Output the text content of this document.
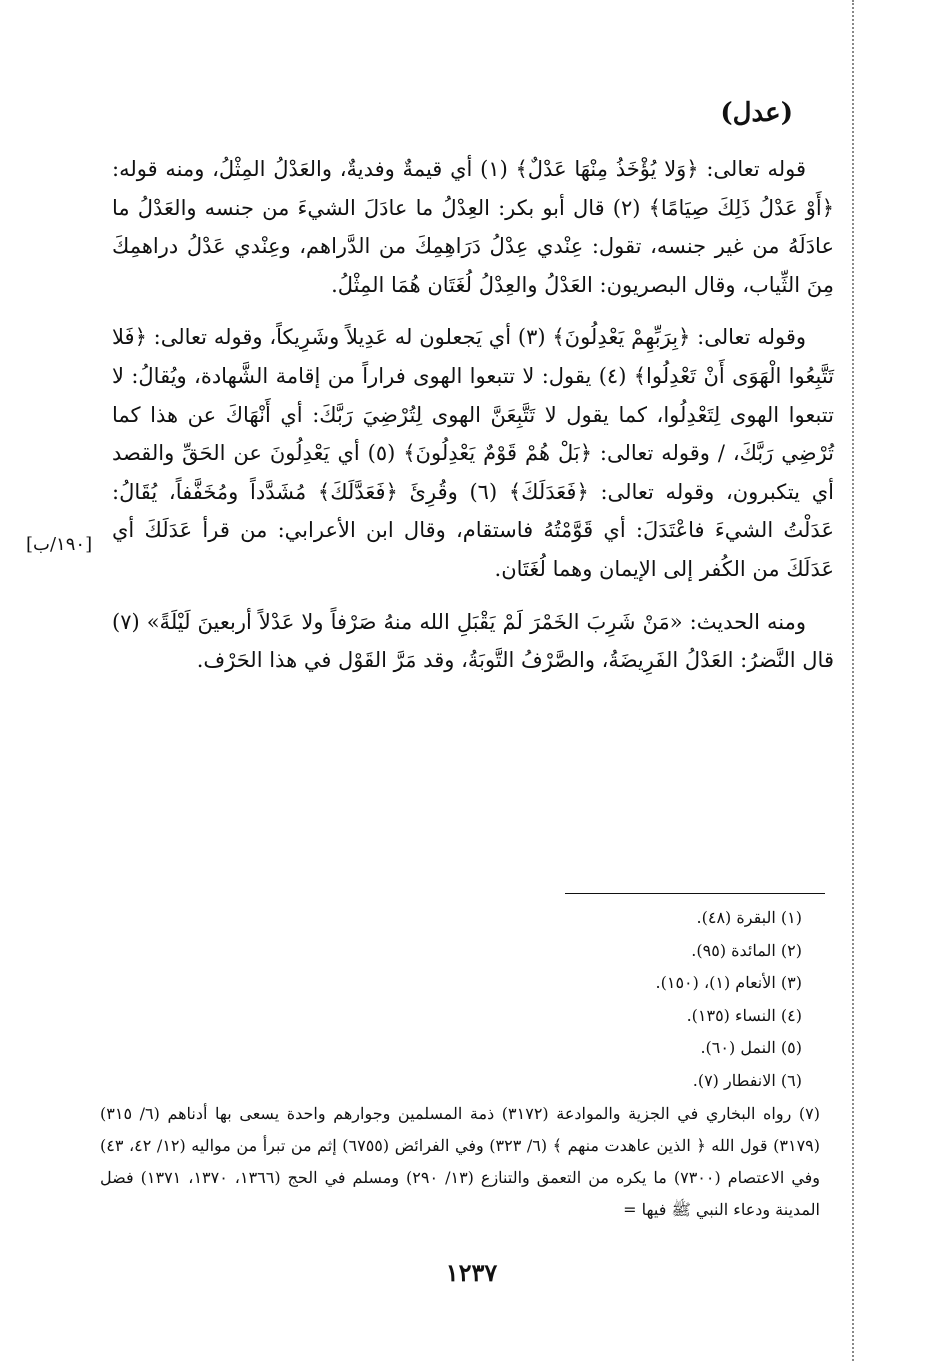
(عدل)

قوله تعالى: ﴿وَلا يُؤْخَذُ مِنْهَا عَدْلٌ﴾ (١) أي قيمةٌ وفديةٌ، والعَدْلُ المِثْلُ، ومنه قوله: ﴿أَوْ عَدْلُ ذَلِكَ صِيَامًا﴾ (٢) قال أبو بكر: العِدْلُ ما عادَلَ الشيءَ من جنسه والعَدْلُ ما عادَلَهُ من غير جنسه، تقول: عِنْدي عِدْلُ دَرَاهِمِكَ من الدَّراهم، وعِنْدي عَدْلُ دراهمِكَ مِنَ الثِّياب، وقال البصريون: العَدْلُ والعِدْلُ لُغَتَان هُمَا المِثْلُ.

وقوله تعالى: ﴿بِرَبِّهِمْ يَعْدِلُونَ﴾ (٣) أي يَجعلون له عَدِيلاً وشَرِيكاً، وقوله تعالى: ﴿فَلا تَتَّبِعُوا الْهَوَى أَنْ تَعْدِلُوا﴾ (٤) يقول: لا تتبعوا الهوى فراراً من إقامة الشَّهادة، ويُقالُ: لا تتبعوا الهوى لِتَعْدِلُوا، كما يقول لا تَتَّبِعَنَّ الهوى لِتُرْضِيَ رَبَّكَ: أي أَنْهَاكَ عن هذا كما تُرْضِي رَبَّكَ، / وقوله تعالى: ﴿بَلْ هُمْ قَوْمٌ يَعْدِلُونَ﴾ (٥) أي يَعْدِلُونَ عن الحَقِّ والقصد أي يتكبرون، وقوله تعالى: ﴿فَعَدَلَكَ﴾ (٦) وقُرِئَ ﴿فَعَدَّلَكَ﴾ مُشَدَّداً ومُخَفَّفاً، يُقَالُ: عَدَلْتُ الشيءَ فاعْتَدَلَ: أي قَوَّمْتُهُ فاستقام، وقال ابن الأعرابي: من قرأ عَدَلَكَ أي عَدَلَكَ من الكُفر إلى الإيمان وهما لُغَتَان.

ومنه الحديث: «مَنْ شَرِبَ الخَمْرَ لَمْ يَقْبَلِ الله منهُ صَرْفاً ولا عَدْلاً أربعينَ لَيْلَةً» (٧) قال النَّضرُ: العَدْلُ الفَرِيضَةُ، والصَّرْفُ التَّوبَةُ، وقد مَرَّ القَوْل في هذا الحَرْف.

[١٩٠/ب]
(١) البقرة (٤٨).
(٢) المائدة (٩٥).
(٣) الأنعام (١)، (١٥٠).
(٤) النساء (١٣٥).
(٥) النمل (٦٠).
(٦) الانفطار (٧).
(٧) رواه البخاري في الجزية والموادعة (٣١٧٢) ذمة المسلمين وجوارهم واحدة يسعى بها أدناهم (٦/ ٣١٥)(٣١٧٩) قول الله ﴿ الذين عاهدت منهم ﴾ (٦/ ٣٢٣) وفي الفرائض (٦٧٥٥) إثم من تبرأ من مواليه (١٢/ ٤٢، ٤٣) وفي الاعتصام (٧٣٠٠) ما يكره من التعمق والتنازع (١٣/ ٢٩٠) ومسلم في الحج (١٣٦٦، ١٣٧٠، ١٣٧١) فضل المدينة ودعاء النبي ﷺ فيها =
١٢٣٧
